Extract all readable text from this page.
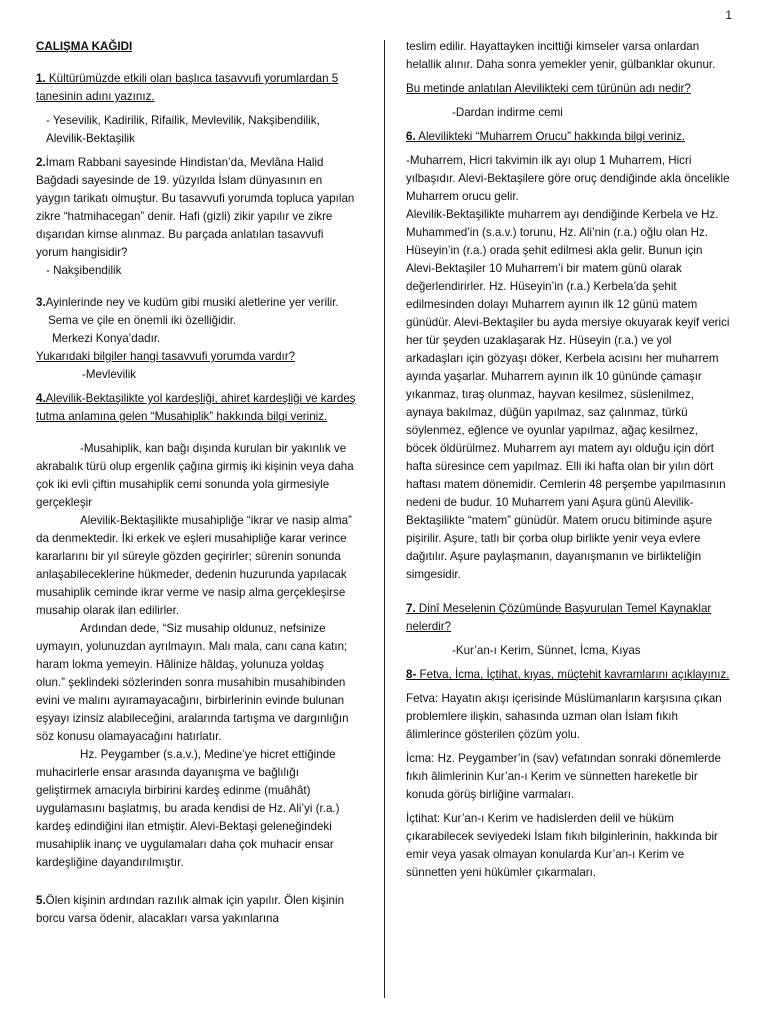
1

CALIŞMA KAĞIDI

1. Kültürümüzde etkili olan başlıca tasavvufi yorumlardan 5 tanesinin adını yazınız.

- Yesevilik, Kadirilik, Rifailik, Mevlevilik, Nakşibendilik, Alevilik-Bektaşilik

2.İmam Rabbani sayesinde Hindistan’da, Mevlâna Halid Bağdadi sayesinde de 19. yüzyılda İslam dünyasının en yaygın tarikatı olmuştur. Bu tasavvufi yorumda topluca yapılan zikre “hatmihacegan” denir. Hafi (gizli) zikir yapılır ve zikre dışarıdan kimse alınmaz. Bu parçada anlatılan tasavvufi yorum hangisidir?

- Nakşibendilik

3.Ayinlerinde ney ve kudüm gibi musiki aletlerine yer verilir.

Sema ve çile en önemli iki özelliğidir.

Merkezi Konya’dadır.

Yukarıdaki bilgiler hangi tasavvufi yorumda vardır?

-Mevlevilik

4.Alevilik-Bektaşilikte yol kardeşliği, ahiret kardeşliği ve kardeş tutma anlamına gelen “Musahiplik” hakkında bilgi veriniz.

-Musahiplik, kan bağı dışında kurulan bir yakınlık ve akrabalık türü olup ergenlik çağına girmiş iki kişinin veya daha çok iki evli çiftin musahiplik cemi sonunda yola girmesiyle gerçekleşir

Alevilik-Bektaşilikte musahipliğe “ikrar ve nasip alma” da denmektedir. İki erkek ve eşleri musahipliğe karar verince kararlarını bir yıl süreyle gözden geçirirler; sürenin sonunda anlaşabileceklerine hükmeder, dedenin huzurunda yapılacak musahiplik ceminde ikrar verme ve nasip alma gerçekleşirse musahip olarak ilan edilirler.

Ardından dede, “Siz musahip oldunuz, nefsinize uymayın, yolunuzdan ayrılmayın. Malı mala, canı cana katın; haram lokma yemeyin. Hâlinize hâldaş, yolunuza yoldaş olun.” şeklindeki sözlerinden sonra musahibin musahibinden evini ve malını ayıramayacağını, birbirlerinin evinde bulunan eşyayı izinsiz alabileceğini, aralarında tartışma ve dargınlığın söz konusu olamayacağını hatırlatır.

Hz. Peygamber (s.a.v.), Medine’ye hicret ettiğinde muhacirlerle ensar arasında dayanışma ve bağlılığı geliştirmek amacıyla birbirini kardeş edinme (muâhât) uygulamasını başlatmış, bu arada kendisi de Hz. Ali’yi (r.a.) kardeş edindiğini ilan etmiştir. Alevi-Bektaşi geleneğindeki musahiplik inanç ve uygulamaları daha çok muhacir ensar kardeşliğine dayandırılmıştır.

5.Ölen kişinin ardından razılık almak için yapılır. Ölen kişinin borcu varsa ödenir, alacakları varsa yakınlarına

teslim edilir. Hayattayken incittiği kimseler varsa onlardan helallik alınır. Daha sonra yemekler yenir, gülbanklar okunur.

Bu metinde anlatılan Alevilikteki cem türünün adı nedir?

-Dardan indirme cemi

6. Alevilikteki “Muharrem Orucu” hakkında bilgi veriniz.

-Muharrem, Hicri takvimin ilk ayı olup 1 Muharrem, Hicri yılbaşıdır. Alevi-Bektaşilere göre oruç dendiğinde akla öncelikle Muharrem orucu gelir.

Alevilik-Bektaşilikte muharrem ayı dendiğinde Kerbela ve Hz. Muhammed’in (s.a.v.) torunu, Hz. Ali’nin (r.a.) oğlu olan Hz. Hüseyin’in (r.a.) orada şehit edilmesi akla gelir. Bunun için Alevi-Bektaşiler 10 Muharrem’i bir matem günü olarak değerlendirirler. Hz. Hüseyin’in (r.a.) Kerbela’da şehit edilmesinden dolayı Muharrem ayının ilk 12 günü matem günüdür. Alevi-Bektaşiler bu ayda mersiye okuyarak keyif verici her tür şeyden uzaklaşarak Hz. Hüseyin (r.a.) ve yol arkadaşları için gözyaşı döker, Kerbela acısını her muharrem ayında yaşarlar. Muharrem ayının ilk 10 gününde çamaşır yıkanmaz, tıraş olunmaz, hayvan kesilmez, süslenilmez, aynaya bakılmaz, düğün yapılmaz, saz çalınmaz, türkü söylenmez, eğlence ve oyunlar yapılmaz, ağaç kesilmez, böcek öldürülmez. Muharrem ayı matem ayı olduğu için dört hafta süresince cem yapılmaz. Elli iki hafta olan bir yılın dört haftası matem dönemidir. Cemlerin 48 perşembe yapılmasının nedeni de budur. 10 Muharrem yani Aşura günü Alevilik-Bektaşilikte “matem” günüdür. Matem orucu bitiminde aşure pişirilir. Aşure, tatlı bir çorba olup birlikte yenir veya evlere dağıtılır. Aşure paylaşmanın, dayanışmanın ve birlikteliğin simgesidir.

7. Dinî Meselenin Çözümünde Başvurulan Temel Kaynaklar nelerdir?

-Kur’an-ı Kerim, Sünnet, İcma, Kıyas

8- Fetva, İcma, İçtihat, kıyas, müçtehit kavramlarını açıklayınız.

Fetva: Hayatın akışı içerisinde Müslümanların karşısına çıkan problemlere ilişkin, sahasında uzman olan İslam fıkıh âlimlerince gösterilen çözüm yolu.

İcma: Hz. Peygamber’in (sav) vefatından sonraki dönemlerde fıkıh âlimlerinin Kur’an-ı Kerim ve sünnetten hareketle bir konuda görüş birliğine varmaları.

İçtihat: Kur’an-ı Kerim ve hadislerden delil ve hüküm çıkarabilecek seviyedeki İslam fıkıh bilginlerinin, hakkında bir emir veya yasak olmayan konularda Kur’an-ı Kerim ve sünnetten yeni hükümler çıkarmaları.
